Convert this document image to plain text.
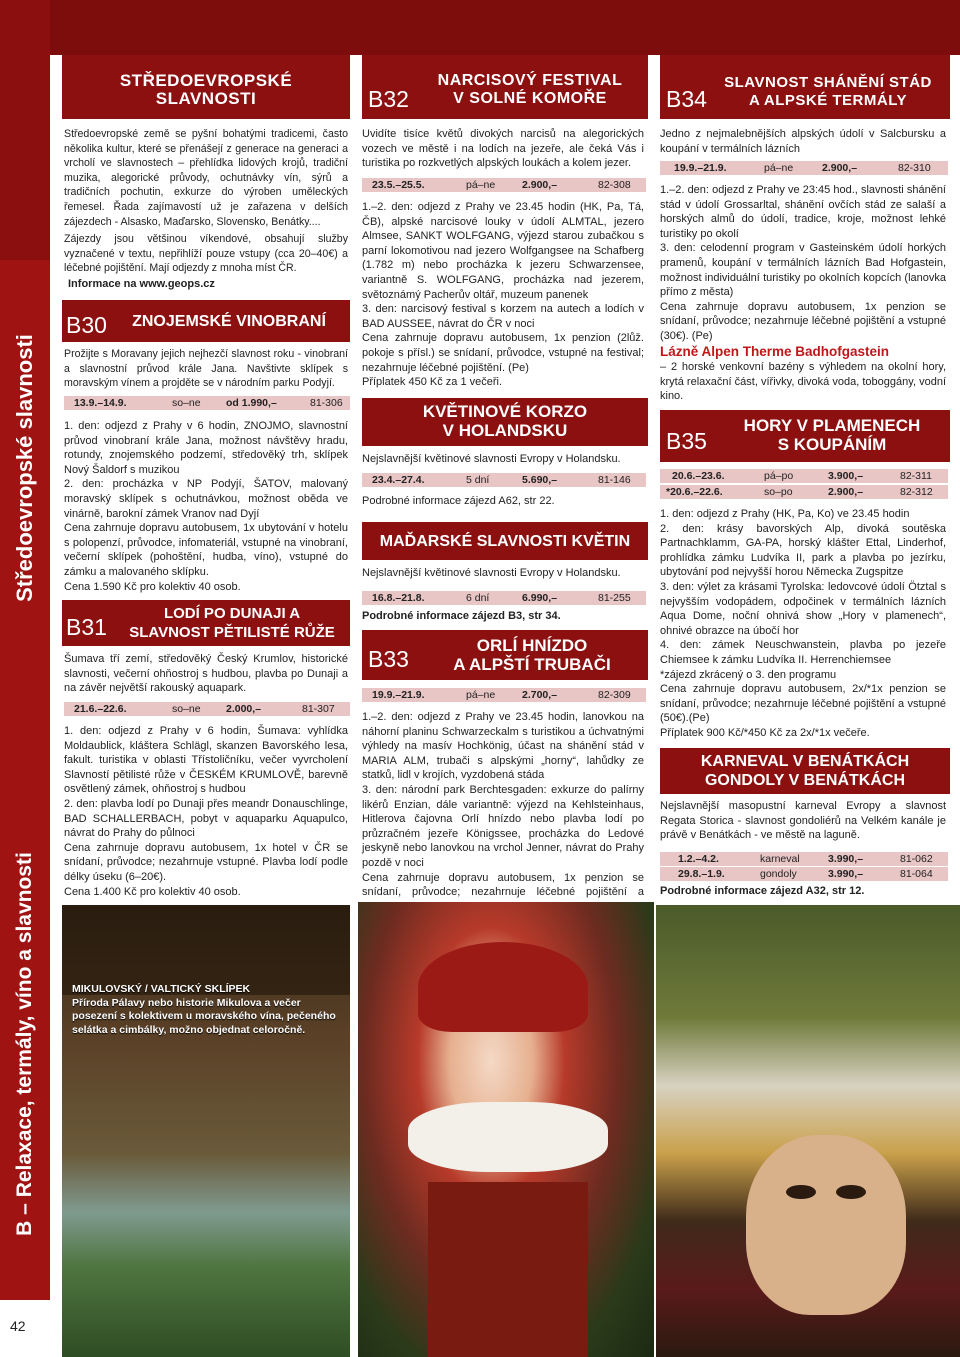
Středoevropské slavnosti
B – Relaxace, termály, víno a slavnosti
42
STŘEDOEVROPSKÉ
SLAVNOSTI	B32
NARCISOVÝ FESTIVAL
V SOLNÉ KOMOŘE	B34
SLAVNOST SHÁNĚNÍ STÁD
A ALPSKÉ TERMÁLY
Středoevropské země se pyšní bohatými tradicemi, často několika kultur, které se přenášejí z generace na generaci a vrcholí ve slavnostech – přehlídka lidových krojů, tradiční muzika, alegorické průvody, ochutnávky vín, sýrů a tradičních pochutin, exkurze do výroben uměleckých řemesel. Řada zajímavostí už je zařazena v delších zájezdech - Alsasko, Maďarsko, Slovensko, Benátky....
Zájezdy jsou většinou víkendové, obsahují služby vyznačené v textu, nepřihlíží pouze vstupy (cca 20–40€) a léčebné pojištění. Mají odjezdy z mnoha míst ČR.
Informace na www.geops.cz
B30	ZNOJEMSKÉ VINOBRANÍ
Prožijte s Moravany jejich nejhezčí slavnost roku - vinobraní a slavnostní průvod krále Jana. Navštivte sklípek s moravským vínem a projděte se v národním parku Podyjí.
13.9.–14.9.	so–ne od 1.990,–	81-306
1. den: odjezd z Prahy v 6 hodin, ZNOJMO, slavnostní průvod vinobraní krále Jana, možnost návštěvy hradu, rotundy, znojemského podzemí, středověký trh, sklípek Nový Šaldorf s muzikou
2. den: procházka v NP Podyjí, ŠATOV, malovaný moravský sklípek s ochutnávkou, možnost oběda ve vinárně, barokní zámek Vranov nad Dyjí
Cena zahrnuje dopravu autobusem, 1x ubytování v hotelu s polopenzí, průvodce, infomateriál, vstupné na vinobraní, večerní sklípek (pohoštění, hudba, víno), vstupné do zámku a malovaného sklípku.
Cena 1.590 Kč pro kolektiv 40 osob.
B31
LODÍ PO DUNAJI A
SLAVNOST PĚTILISTÉ RŮŽE
Šumava tří zemí, středověký Český Krumlov, historické slavnosti, večerní ohňostroj s hudbou, plavba po Dunaji a na závěr největší rakouský aquapark.
21.6.–22.6.	so–ne 2.000,–	81-307
1. den: odjezd z Prahy v 6 hodin, Šumava: vyhlídka Moldaublick, kláštera Schlägl, skanzen Bavorského lesa, fakult. turistika v oblasti Třístoličníku, večer vyvrcholení Slavností pětilisté růže v ČESKÉM KRUMLOVĚ, barevně osvětlený zámek, ohňostroj s hudbou
2. den: plavba lodí po Dunaji přes meandr Donauschlinge, BAD SCHALLERBACH, pobyt v aquaparku Aquapulco, návrat do Prahy do půlnoci
Cena zahrnuje dopravu autobusem, 1x hotel v ČR se snídaní, průvodce; nezahrnuje vstupné. Plavba lodí podle délky úseku (6–20€).
Cena 1.400 Kč pro kolektiv 40 osob.
MIKULOVSKÝ / VALTICKÝ SKLÍPEK
Příroda Pálavy nebo historie Mikulova a večer posezení s kolektivem u moravského vína, pečeného selátka a cimbálky, možno objednat celoročně.
Uvidíte tisíce květů divokých narcisů na alegorických vozech ve městě i na lodích na jezeře, ale čeká Vás i turistika po rozkvetlých alpských loukách a kolem jezer.
23.5.–25.5.	pá–ne	2.900,–	82-308
1.–2. den: odjezd z Prahy ve 23.45 hodin (HK, Pa, Tá, ČB), alpské narcisové louky v údolí ALMTAL, jezero Almsee, SANKT WOLFGANG, výjezd starou zubačkou s parní lokomotivou nad jezero Wolfgangsee na Schafberg (1.782 m) nebo procházka k jezeru Schwarzensee, variantně S. WOLFGANG, procházka nad jezerem, světoznámý Pacherův oltář, muzeum panenek
3. den: narcisový festival s korzem na autech a lodích v BAD AUSSEE, návrat do ČR v noci
Cena zahrnuje dopravu autobusem, 1x penzion (2lůž. pokoje s přísl.) se snídaní, průvodce, vstupné na festival; nezahrnuje léčebné pojištění. (Pe)
Příplatek 450 Kč za 1 večeři.
KVĚTINOVÉ KORZO
V HOLANDSKU
Nejslavnější květinové slavnosti Evropy v Holandsku.
23.4.–27.4.	5 dní	5.690,–	81-146
Podrobné informace zájezd A62, str 22.
MAĎARSKÉ SLAVNOSTI KVĚTIN
Nejslavnější květinové slavnosti Evropy v Holandsku.
16.8.–21.8.	6 dní	6.990,–	81-255
Podrobné informace zájezd B3, str 34.
B33
ORLÍ HNÍZDO
A ALPŠTÍ TRUBAČI
19.9.–21.9.	pá–ne	2.700,–	82-309
1.–2. den: odjezd z Prahy ve 23.45 hodin, lanovkou na náhorní planinu Schwarzeckalm s turistikou a úchvatnými výhledy na masív Hochkönig, účast na shánění stád v MARIA ALM, trubači s alpskými „horny“, lahůdky ze statků, lidl v krojích, vyzdobená stáda
3. den: národní park Berchtesgaden: exkurze do palírny likérů Enzian, dále variantně: výjezd na Kehlsteinhaus, Hitlerova čajovna Orlí hnízdo nebo plavba lodí po průzračném jezeře Königssee, procházka do Ledové jeskyně nebo lanovkou na vrchol Jenner, návrat do Prahy pozdě v noci
Cena zahrnuje dopravu autobusem, 1x penzion se snídaní, průvodce; nezahrnuje léčebné pojištění a
Jedno z nejmalebnějších alpských údolí v Salcbursku a koupání v termálních lázních
19.9.–21.9.	pá–ne	2.900,–	82-310
1.–2. den: odjezd z Prahy ve 23:45 hod., slavnosti shánění stád v údolí Grossarltal, shánění ovčích stád ze salaší a horských almů do údolí, tradice, kroje, možnost lehké turistiky po okolí
3. den: celodenní program v Gasteinském údolí horkých pramenů, koupání v termálních lázních Bad Hofgastein, možnost individuální turistiky po okolních kopcích (lanovka přímo z města)
Cena zahrnuje dopravu autobusem, 1x penzion se snídaní, průvodce; nezahrnuje léčebné pojištění a vstupné (30€). (Pe)
Lázně Alpen Therme Badhofgastein
– 2 horské venkovní bazény s výhledem na okolní hory, krytá relaxační část, vířivky, divoká voda, toboggány, vodní kino.
B35
HORY V PLAMENECH
S KOUPÁNÍM
20.6.–23.6.	pá–po	3.900,–	82-311
*20.6.–22.6.	so–po	2.900,–	82-312
1. den: odjezd z Prahy (HK, Pa, Ko) ve 23.45 hodin
2. den: krásy bavorských Alp, divoká soutěska Partnachklamm, GA-PA, horský klášter Ettal, Linderhof, prohlídka zámku Ludvíka II, park a plavba po jezírku, ubytování pod nejvyšší horou Německa Zugspitze
3. den: výlet za krásami Tyrolska: ledovcové údolí Ötztal s nejvyšším vodopádem, odpočinek v termálních lázních Aqua Dome, noční ohnivá show „Hory v plamenech“, ohnivé obrazce na úbočí hor
4. den: zámek Neuschwanstein, plavba po jezeře Chiemsee k zámku Ludvíka II. Herrenchiemsee
*zájezd zkrácený o 3. den programu
Cena zahrnuje dopravu autobusem, 2x/*1x penzion se snídaní, průvodce; nezahrnuje léčebné pojištění a vstupné (50€).(Pe)
Příplatek 900 Kč/*450 Kč za 2x/*1x večeře.
KARNEVAL V BENÁTKÁCH
GONDOLY V BENÁTKÁCH
Nejslavnější masopustní karneval Evropy a slavnost Regata Storica - slavnost gondoliérů na Velkém kanále je právě v Benátkách - ve městě na laguně.
1.2.–4.2.	karneval	3.990,–	81-062
29.8.–1.9.	gondoly	3.990,–	81-064
Podrobné informace zájezd A32, str 12.
